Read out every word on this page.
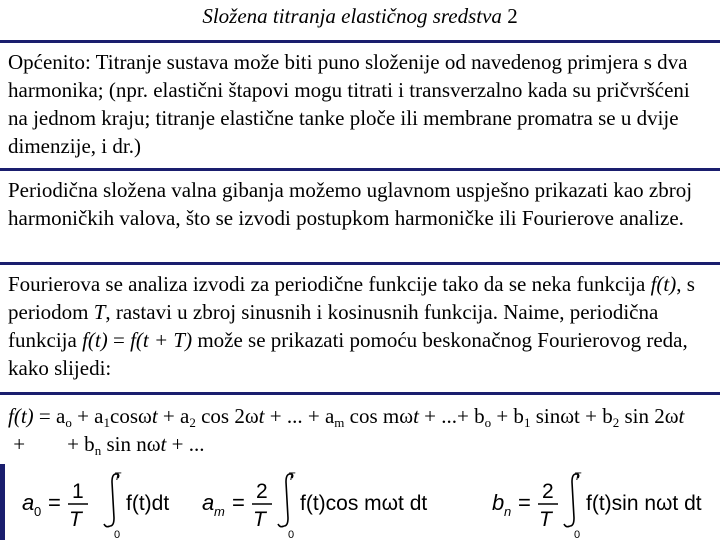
Složena titranja elastičnog sredstva 2
Općenito: Titranje sustava može biti puno složenije od navedenog primjera s dva harmonika; (npr. elastični štapovi mogu titrati i transverzalno kada su pričvršćeni na jednom kraju; titranje elastične tanke ploče ili membrane promatra se u dvije dimenzije, i dr.)
Periodična složena valna gibanja možemo uglavnom uspješno prikazati kao zbroj harmoničkih valova, što se izvodi postupkom harmoničke ili Fourierove analize.
Fourierova se analiza izvodi za periodične funkcije tako da se neka funkcija f(t), s periodom T, rastavi u zbroj sinusnih i kosinusnih funkcija. Naime, periodična funkcija f(t) = f(t + T) može se prikazati pomoću beskonačnog Fourierovog reda, kako slijedi:
$f(t) = a_o + a_1\cos\omega t + a_2$ cos 2ωt + ... + $a_m$ cos mωt + ...+ $b_o + b_1$ $\sin\omega t + b_2$ sin 2ωt +        + $b_n$ sin nωt + ...
a 0 = 1
T
T
0
f(t)dt a m = 2
T
T
0
f(t)cos mωt dt	b n = 2
T
T
0
f(t)sin nωt dt
